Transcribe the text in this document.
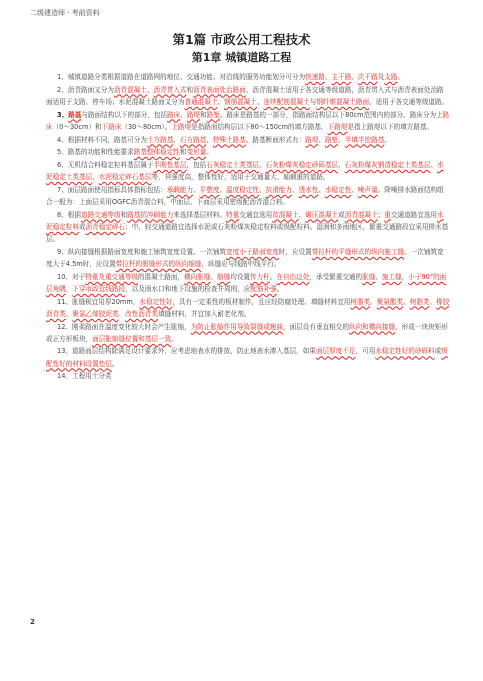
二级建造师 · 考前资料
第1篇 市政公用工程技术
第1章 城镇道路工程

1、城镇道路分类根据道路在道路网的地位、交通功能、对沿线的服务功能划分可分为快速路、主干路、次干路及支路。

2、沥青路面又分为沥青混凝土、沥青贯入式和沥青表面处治路面，沥青混凝土适用于各交通等级道路，沥青贯入式与沥青表面处治路面适用于支路、停车场；水泥混凝土路面又分为普通混凝土、钢筋混凝土、连续配筋混凝土与钢纤维混凝土路面，适用于各交通等级道路。

3、路基与路面结构以下的部分，包括路床、路堤和路堑。路床是路基的一部分，指路面结构层以下80cm范围内的部分。路床分为上路床（0～30cm）和下路床（30～80cm）。上路堤是指路面结构层以下80～150cm的填方路基，下路堤是指上路堤以下的填方路基。

4、根据材料不同，路基可分为土方路基、石方路基、特殊土路基。路基断面形式有：路堤、路堑、半填半挖路基。

5、路基的功能和性能要求路基整体稳定性和变形量。

6、无机结合料稳定粒料基层属于半刚性基层，包括石灰稳定土类基层、石灰粉煤灰稳定砂砾基层、石灰粉煤灰钢渣稳定土类基层、水泥稳定土类基层、水泥稳定碎石基层等，其强度高，整体性好，适用于交通量大、轴载重的道路。

7、面层路面使用指标具体指标包括：承载能力、平整度、温度稳定性、抗滑能力、透水性、水稳定性、噪声量。降噪排水路面结构组合一般为：上面层采用OGFC沥青混合料，中面层、下面层采用密级配沥青混合料。

8、根据道路交通等级和路基抗冲刷能力来选择基层材料。特重交通宜选用贫混凝土、碾压混凝土或沥青混凝土；重交通道路宜选用水泥稳定粒料或沥青稳定碎石；中、轻交通道路宜选择水泥或石灰粉煤灰稳定粒料或级配粒料。湿润和多雨地区，繁重交通路段宜采用排水基层。

9、纵向接缝根据路面宽度和施工铺筑宽度设置。一次铺筑宽度小于路面宽度时，应设置带拉杆的平缝形式的纵向施工缝。一次铺筑宽度大于4.5m时，应设置带拉杆的假缝形式的纵向缩缝，纵缝应与线路中线平行。

10、对于特重及重交通等级的混凝土路面，横向胀缝、缩缝均设置传力杆。在自由边处，承受繁重交通的胀缝、施工缝，小于90°的面层角隅，下穿市政管线路段，以及雨水口和地下设施的检查井周围，应配筋补强。

11、胀缝板宜用厚20mm，水稳定性好，具有一定柔性的板材制作，且应经防腐处理。填缝材料宜用树脂类、聚氨酯类、树脂类、橡胶沥青类、聚氯乙烯胶泥类、改性沥青类填缝材料，并宜加入耐老化剂。

12、刚柔路面在温度变化较大时会产生胀缩，为防止胀缩作用导致裂缝或翘曲，面层设有垂直相交的纵向和横向接缝，形成一块块矩形或正方形板块，面层胀缩缝位置和基层一致。

13、道路面层结构除满足设计要求外，应考虑地表水的排放，防止地表水渗入基层，如果面层厚度不足，可用水稳定性好的砂砾料或级配性好的材料设置垫层。

14、工程用土分类

2
